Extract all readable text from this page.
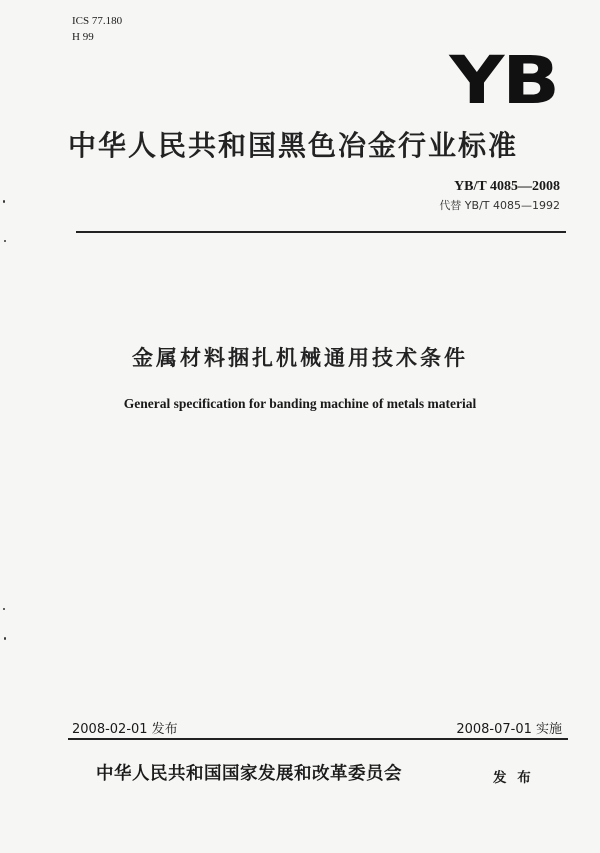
ICS 77.180
H 99
YB
中华人民共和国黑色冶金行业标准
YB/T 4085—2008
代替 YB/T 4085—1992
金属材料捆扎机械通用技术条件
General specification for banding machine of metals material
2008-02-01 发布	2008-07-01 实施
中华人民共和国国家发展和改革委员会	发 布
